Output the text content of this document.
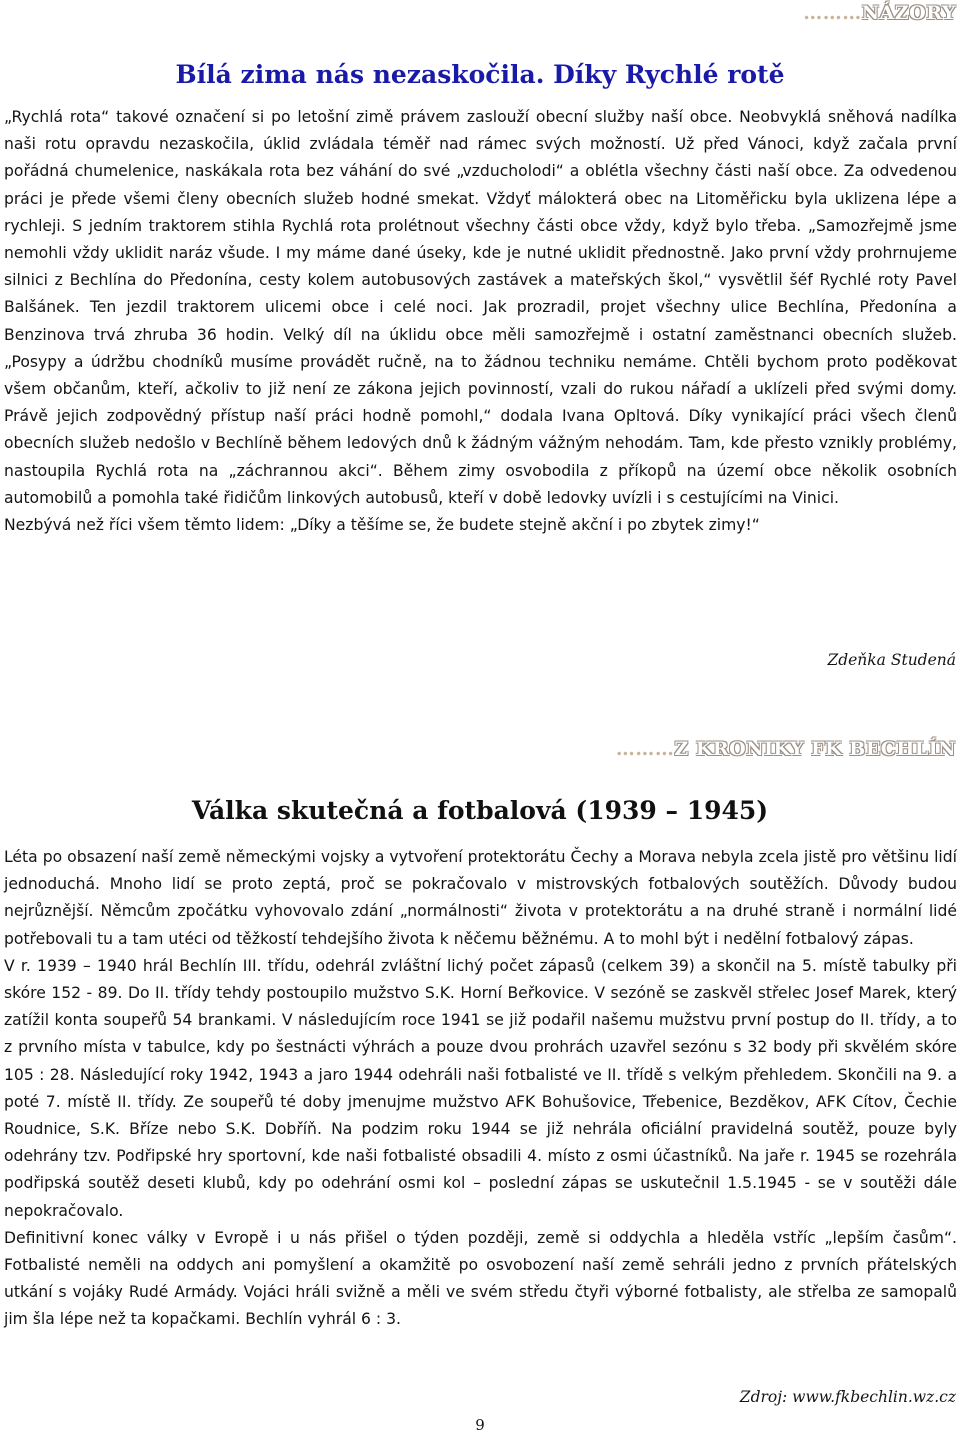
………NÁZORY
Bílá zima nás nezaskočila. Díky Rychlé rotě

„Rychlá rota“ takové označení si po letošní zimě právem zaslouží obecní služby naší obce. Neobvyklá sněhová nadílka naši rotu opravdu nezaskočila, úklid zvládala téměř nad rámec svých možností. Už před Vánoci, když začala první pořádná chumelenice, naskákala rota bez váhání do své „vzducholodi“ a oblétla všechny části naší obce. Za odvedenou práci je přede všemi členy obecních služeb hodné smekat. Vždyť málokterá obec na Litoměřicku byla uklizena lépe a rychleji. S jedním traktorem stihla Rychlá rota prolétnout všechny části obce vždy, když bylo třeba. „Samozřejmě jsme nemohli vždy uklidit naráz všude. I my máme dané úseky, kde je nutné uklidit přednostně. Jako první vždy prohrnujeme silnici z Bechlína do Předonína, cesty kolem autobusových zastávek a mateřských škol,“ vysvětlil šéf Rychlé roty Pavel Balšánek. Ten jezdil traktorem ulicemi obce i celé noci. Jak prozradil, projet všechny ulice Bechlína, Předonína a Benzinova trvá zhruba 36 hodin. Velký díl na úklidu obce měli samozřejmě i ostatní zaměstnanci obecních služeb. „Posypy a údržbu chodníků musíme provádět ručně, na to žádnou techniku nemáme. Chtěli bychom proto poděkovat všem občanům, kteří, ačkoliv to již není ze zákona jejich povinností, vzali do rukou nářadí a uklízeli před svými domy. Právě jejich zodpovědný přístup naší práci hodně pomohl,“ dodala Ivana Opltová. Díky vynikající práci všech členů obecních služeb nedošlo v Bechlíně během ledových dnů k žádným vážným nehodám. Tam, kde přesto vznikly problémy, nastoupila Rychlá rota na „záchrannou akci“. Během zimy osvobodila z příkopů na území obce několik osobních automobilů a pomohla také řidičům linkových autobusů, kteří v době ledovky uvízli i s cestujícími na Vinici.

Nezbývá než říci všem těmto lidem: „Díky a těšíme se, že budete stejně akční i po zbytek zimy!“

Zdeňka Studená
………Z KRONIKY FK BECHLÍN
Válka skutečná a fotbalová (1939 – 1945)

Léta po obsazení naší země německými vojsky a vytvoření protektorátu Čechy a Morava nebyla zcela jistě pro většinu lidí jednoduchá. Mnoho lidí se proto zeptá, proč se pokračovalo v mistrovských fotbalových soutěžích. Důvody budou nejrůznější. Němcům zpočátku vyhovovalo zdání „normálnosti“ života v protektorátu a na druhé straně i normální lidé potřebovali tu a tam utéci od těžkostí tehdejšího života k něčemu běžnému. A to mohl být i nedělní fotbalový zápas.

V r. 1939 – 1940 hrál Bechlín III. třídu, odehrál zvláštní lichý počet zápasů (celkem 39) a skončil na 5. místě tabulky při skóre 152 - 89. Do II. třídy tehdy postoupilo mužstvo S.K. Horní Beřkovice. V sezóně se zaskvěl střelec Josef Marek, který zatížil konta soupeřů 54 brankami. V následujícím roce 1941 se již podařil našemu mužstvu první postup do II. třídy, a to z prvního místa v tabulce, kdy po šestnácti výhrách a pouze dvou prohrách uzavřel sezónu s 32 body při skvělém skóre 105 : 28. Následující roky 1942, 1943 a jaro 1944 odehráli naši fotbalisté ve II. třídě s velkým přehledem. Skončili na 9. a poté 7. místě II. třídy. Ze soupeřů té doby jmenujme mužstvo AFK Bohušovice, Třebenice, Bezděkov, AFK Cítov, Čechie Roudnice, S.K. Bříze nebo S.K. Dobříň. Na podzim roku 1944 se již nehrála oficiální pravidelná soutěž, pouze byly odehrány tzv. Podřipské hry sportovní, kde naši fotbalisté obsadili 4. místo z osmi účastníků. Na jaře r. 1945 se rozehrála podřipská soutěž deseti klubů, kdy po odehrání osmi kol – poslední zápas se uskutečnil 1.5.1945 - se v soutěži dále nepokračovalo.

Definitivní konec války v Evropě i u nás přišel o týden později, země si oddychla a hleděla vstříc „lepším časům“. Fotbalisté neměli na oddych ani pomyšlení a okamžitě po osvobození naší země sehráli jedno z prvních přátelských utkání s vojáky Rudé Armády. Vojáci hráli svižně a měli ve svém středu čtyři výborné fotbalisty, ale střelba ze samopalů jim šla lépe než ta kopačkami. Bechlín vyhrál 6 : 3.

Zdroj: www.fkbechlin.wz.cz
9
